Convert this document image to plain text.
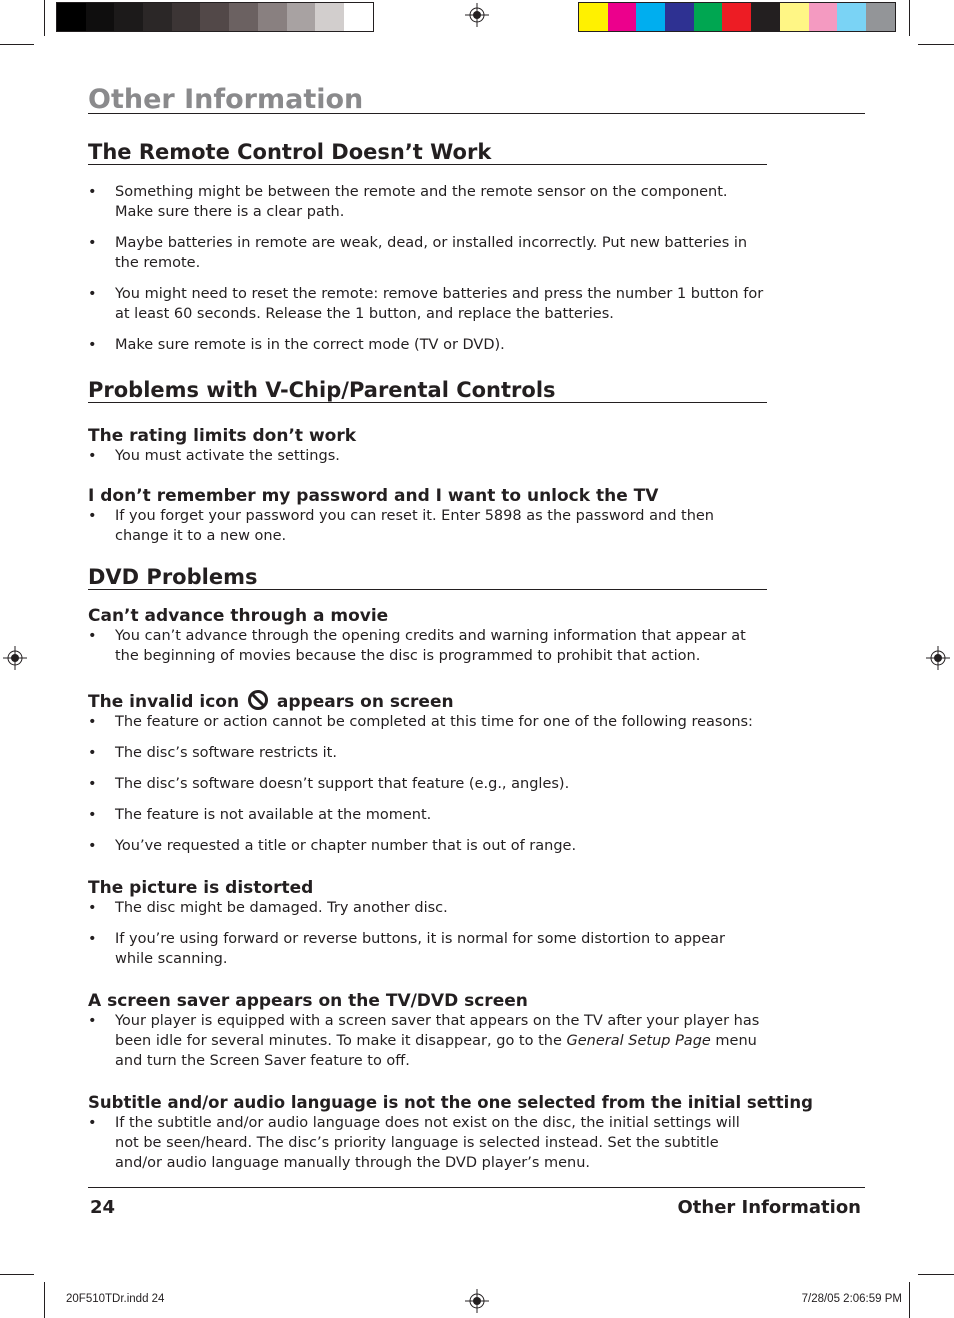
Other Information
The Remote Control Doesn’t Work
• Something might be between the remote and the remote sensor on the component. Make sure there is a clear path.
• Maybe batteries in remote are weak, dead, or installed incorrectly. Put new batteries in the remote.
• You might need to reset the remote: remove batteries and press the number 1 button for at least 60 seconds. Release the 1 button, and replace the batteries.
• Make sure remote is in the correct mode (TV or DVD).
Problems with V-Chip/Parental Controls
The rating limits don’t work
• You must activate the settings.
I don’t remember my password and I want to unlock the TV
• If you forget your password you can reset it. Enter 5898 as the password and then change it to a new one.
DVD Problems
Can’t advance through a movie
• You can’t advance through the opening credits and warning information that appear at the beginning of movies because the disc is programmed to prohibit that action.
The invalid icon appears on screen
• The feature or action cannot be completed at this time for one of the following reasons:
• The disc’s software restricts it.
• The disc’s software doesn’t support that feature (e.g., angles).
• The feature is not available at the moment.
• You’ve requested a title or chapter number that is out of range.
The picture is distorted
• The disc might be damaged. Try another disc.
• If you’re using forward or reverse buttons, it is normal for some distortion to appear while scanning.
A screen saver appears on the TV/DVD screen
• Your player is equipped with a screen saver that appears on the TV after your player has been idle for several minutes. To make it disappear, go to the General Setup Page menu and turn the Screen Saver feature to off.
Subtitle and/or audio language is not the one selected from the initial setting
• If the subtitle and/or audio language does not exist on the disc, the initial settings will not be seen/heard. The disc’s priority language is selected instead. Set the subtitle and/or audio language manually through the DVD player’s menu.
24	Other Information
20F510TDr.indd 24	7/28/05 2:06:59 PM
